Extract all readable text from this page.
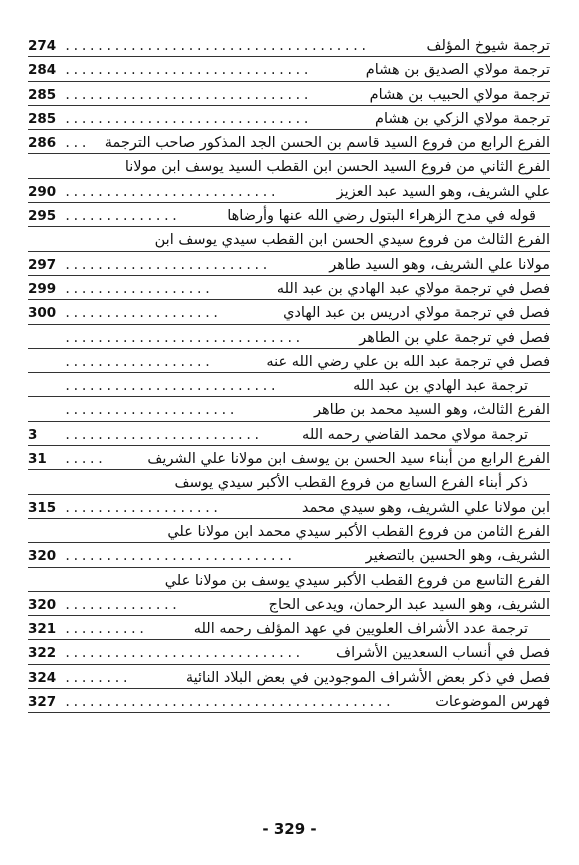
ترجمة شيوخ المؤلف
.....................................
274
ترجمة مولاي الصديق بن هشام
..............................
284
ترجمة مولاي الحبيب بن هشام
..............................
285
ترجمة مولاي الزكي بن هشام
..............................
285
الفرع الرابع من فروع السيد قاسم بن الحسن الجد المذكور صاحب الترجمة
...
286
الفرع الثاني من فروع السيد الحسن ابن القطب السيد يوسف ابن مولانا
علي الشريف، وهو السيد عبد العزيز
..........................
290
قوله في مدح الزهراء البتول رضي الله عنها وأرضاها
..............
295
الفرع الثالث من فروع سيدي الحسن ابن القطب سيدي يوسف ابن
مولانا علي الشريف، وهو السيد طاهر
.........................
297
فصل في ترجمة مولاي عبد الهادي بن عبد الله
..................
299
فصل في ترجمة مولاي ادريس بن عبد الهادي
...................
300
فصل في ترجمة علي بن الطاهر
.............................
فصل في ترجمة عبد الله بن علي رضي الله عنه
..................
ترجمة عبد الهادي بن عبد الله
..........................
الفرع الثالث، وهو السيد محمد بن طاهر
.....................
ترجمة مولاي محمد القاضي رحمه الله
........................
3
الفرع الرابع من أبناء سيد الحسن بن يوسف ابن مولانا علي الشريف
.....
31
ذكر أبناء الفرع السابع من فروع القطب الأكبر سيدي يوسف
ابن مولانا علي الشريف، وهو سيدي محمد
...................
315
الفرع الثامن من فروع القطب الأكبر سيدي محمد ابن مولانا علي
الشريف، وهو الحسين بالتصغير
............................
320
الفرع التاسع من فروع القطب الأكبر سيدي يوسف بن مولانا علي
الشريف، وهو السيد عبد الرحمان، ويدعى الحاج
..............
320
ترجمة عدد الأشراف العلويين في عهد المؤلف رحمه الله
..........
321
فصل في أنساب السعديين الأشراف
.............................
322
فصل في ذكر بعض الأشراف الموجودين في بعض البلاد النائية
........
324
فهرس الموضوعات
........................................
327
- 329 -
